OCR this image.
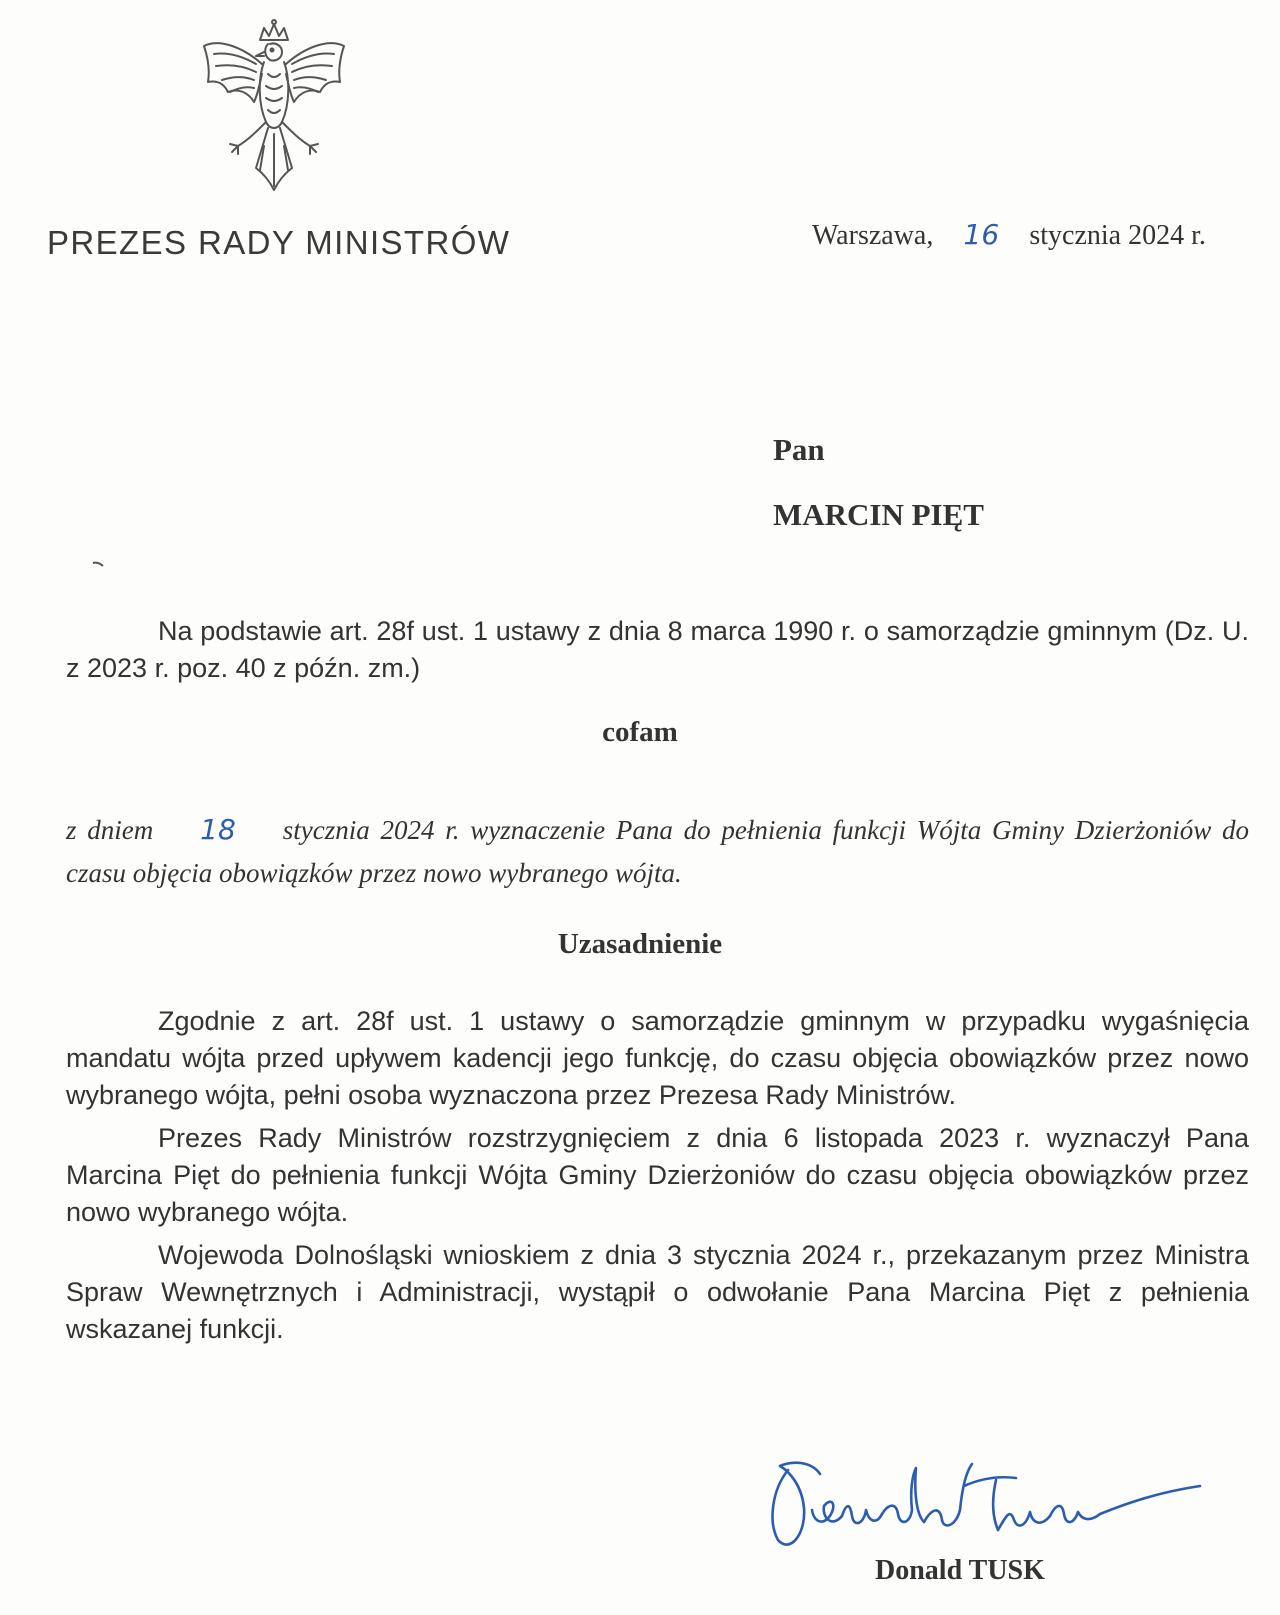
PREZES RADY MINISTRÓW	Warszawa, 16 stycznia 2024 r.
Pan
MARCIN PIĘT
Na podstawie art. 28f ust. 1 ustawy z dnia 8 marca 1990 r. o samorządzie gminnym (Dz. U. z 2023 r. poz. 40 z późn. zm.)
cofam
z dniem 18 stycznia 2024 r. wyznaczenie Pana do pełnienia funkcji Wójta Gminy Dzierżoniów do czasu objęcia obowiązków przez nowo wybranego wójta.
Uzasadnienie
Zgodnie z art. 28f ust. 1 ustawy o samorządzie gminnym w przypadku wygaśnięcia mandatu wójta przed upływem kadencji jego funkcję, do czasu objęcia obowiązków przez nowo wybranego wójta, pełni osoba wyznaczona przez Prezesa Rady Ministrów.
Prezes Rady Ministrów rozstrzygnięciem z dnia 6 listopada 2023 r. wyznaczył Pana Marcina Pięt do pełnienia funkcji Wójta Gminy Dzierżoniów do czasu objęcia obowiązków przez nowo wybranego wójta.
Wojewoda Dolnośląski wnioskiem z dnia 3 stycznia 2024 r., przekazanym przez Ministra Spraw Wewnętrznych i Administracji, wystąpił o odwołanie Pana Marcina Pięt z pełnienia wskazanej funkcji.
Donald TUSK
